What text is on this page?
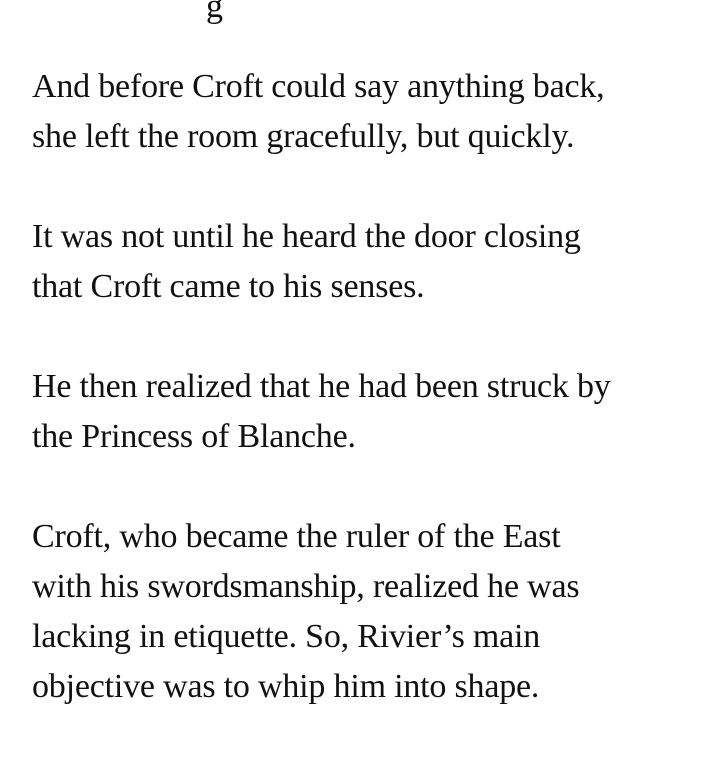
g
And before Croft could say anything back,
she left the room gracefully, but quickly.
It was not until he heard the door closing
that Croft came to his senses.
He then realized that he had been struck by
the Princess of Blanche.
Croft, who became the ruler of the East
with his swordsmanship, realized he was
lacking in etiquette. So, Rivier’s main
objective was to whip him into shape.
